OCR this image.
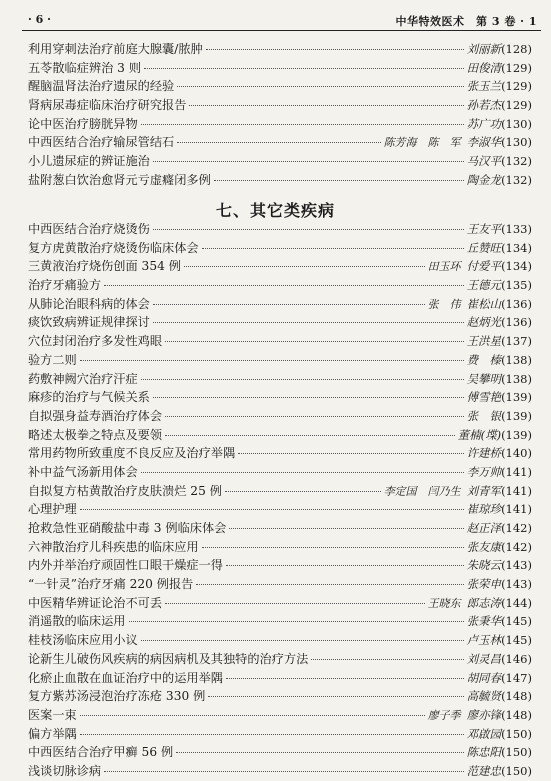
· 6 ·	中华特效医术　第 3 卷 · 1
利用穿刺法治疗前庭大腺囊/脓肿	刘丽新 (128)
五苓散临症辨治 3 则	田俊清 (129)
醒脑温肾法治疗遗尿的经验	张玉兰 (129)
肾病尿毒症临床治疗研究报告	孙若杰 (129)
论中医治疗膀胱异物	苏广功 (130)
中西医结合治疗输尿管结石	陈芳海　陈　军 李淑华 (130)
小儿遗尿症的辨证施治	马汉平 (132)
盐附葱白饮治愈肾元亏虚癃闭多例	陶金龙 (132)
七、其它类疾病
中西医结合治疗烧烫伤	王友平 (133)
复方虎黄散治疗烧烫伤临床体会	丘赞旺 (134)
三黄液治疗烧伤创面 354 例	田玉环 付爱平 (134)
治疗牙痛验方	王德元 (135)
从肺论治眼科病的体会	张　伟 崔松山 (136)
痰饮致病辨证规律探讨	赵炳光 (136)
穴位封闭治疗多发性鸡眼	王洪星 (137)
验方二则	费　榛 (138)
药敷神阙穴治疗汗症	吴攀明 (138)
麻疹的治疗与气候关系	傅雪艳 (139)
自拟强身益寿酒治疗体会	张　银 (139)
略述太极拳之特点及要领	董楠(堞) (139)
常用药物所致重度不良反应及治疗举隅	许建桥 (140)
补中益气汤新用体会	李万帅 (141)
自拟复方枯黄散治疗皮肤溃烂 25 例	李定国　闫乃生 刘青军 (141)
心理护理	崔琼珍 (141)
抢救急性亚硝酸盐中毒 3 例临床体会	赵正泽 (142)
六神散治疗儿科疾患的临床应用	张友康 (142)
内外并举治疗顽固性口眼干燥症一得	朱晓云 (143)
“一针灵”治疗牙痛 220 例报告	张荣申 (143)
中医精华辨证论治不可丢	王晓东 郎志涛 (144)
消遥散的临床运用	张秉华 (145)
桂枝汤临床应用小议	卢玉林 (145)
论新生儿破伤风疾病的病因病机及其独特的治疗方法	刘灵昌 (146)
化瘀止血散在血证治疗中的运用举隅	胡同春 (147)
复方紫苏汤浸泡治疗冻疮 330 例	高毓贤 (148)
医案一束	廖子季 廖亦锋 (148)
偏方举隅	邓啟园 (150)
中西医结合治疗甲癣 56 例	陈忠阳 (150)
浅谈切脉诊病	范建忠 (150)
